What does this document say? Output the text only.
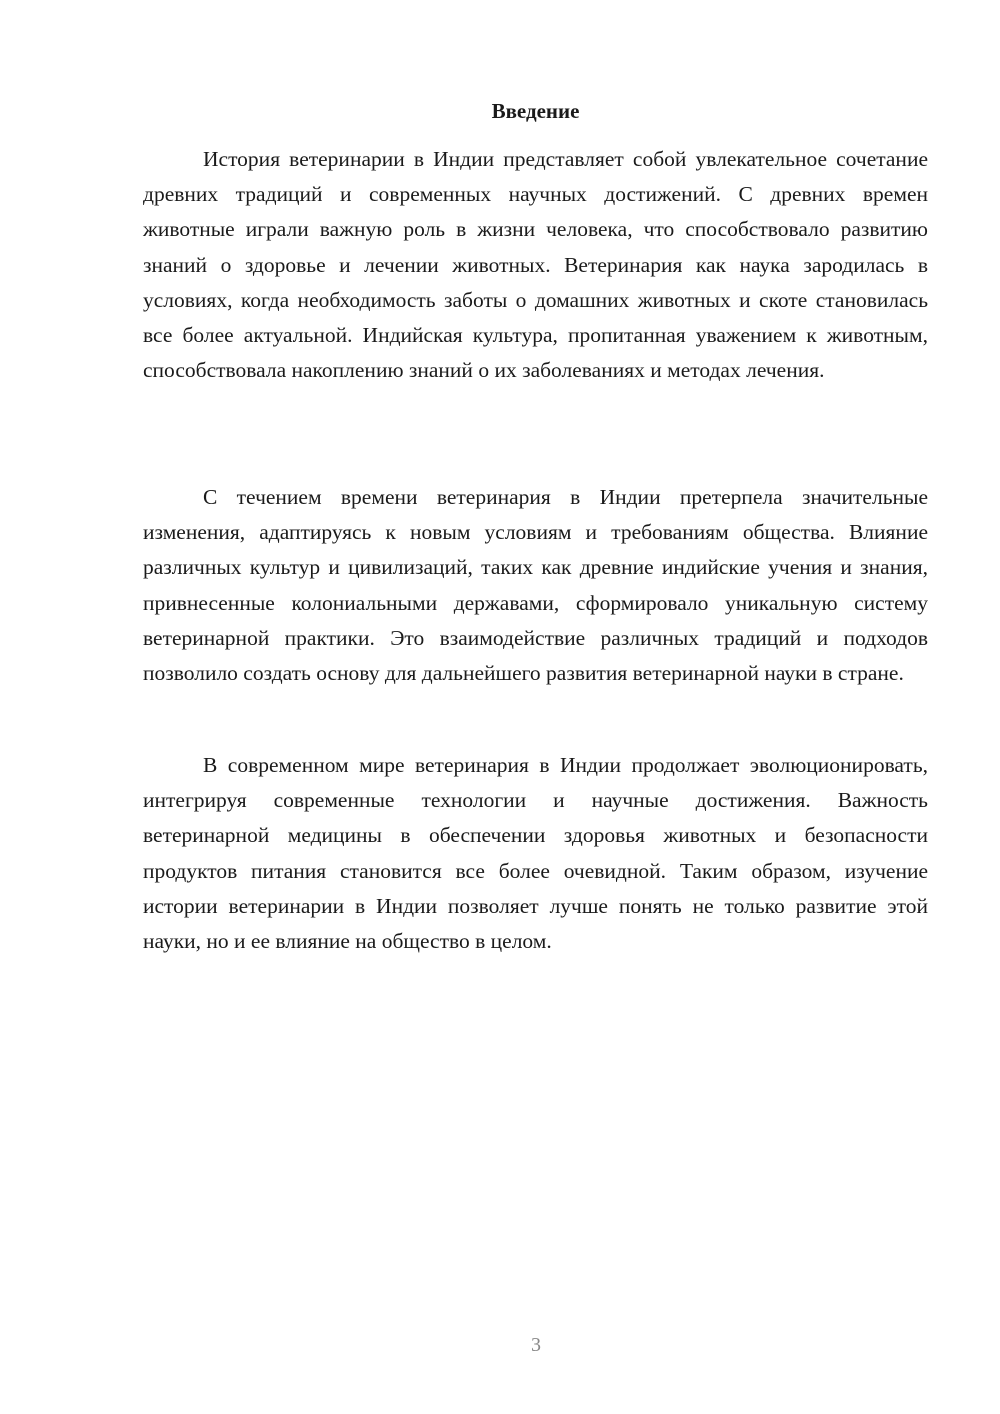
Введение

История ветеринарии в Индии представляет собой увлекательное сочетание древних традиций и современных научных достижений. С древних времен животные играли важную роль в жизни человека, что способствовало развитию знаний о здоровье и лечении животных. Ветеринария как наука зародилась в условиях, когда необходимость заботы о домашних животных и скоте становилась все более актуальной. Индийская культура, пропитанная уважением к животным, способствовала накоплению знаний о их заболеваниях и методах лечения.

С течением времени ветеринария в Индии претерпела значительные изменения, адаптируясь к новым условиям и требованиям общества. Влияние различных культур и цивилизаций, таких как древние индийские учения и знания, привнесенные колониальными державами, сформировало уникальную систему ветеринарной практики. Это взаимодействие различных традиций и подходов позволило создать основу для дальнейшего развития ветеринарной науки в стране.

В современном мире ветеринария в Индии продолжает эволюционировать, интегрируя современные технологии и научные достижения. Важность ветеринарной медицины в обеспечении здоровья животных и безопасности продуктов питания становится все более очевидной. Таким образом, изучение истории ветеринарии в Индии позволяет лучше понять не только развитие этой науки, но и ее влияние на общество в целом.

3
